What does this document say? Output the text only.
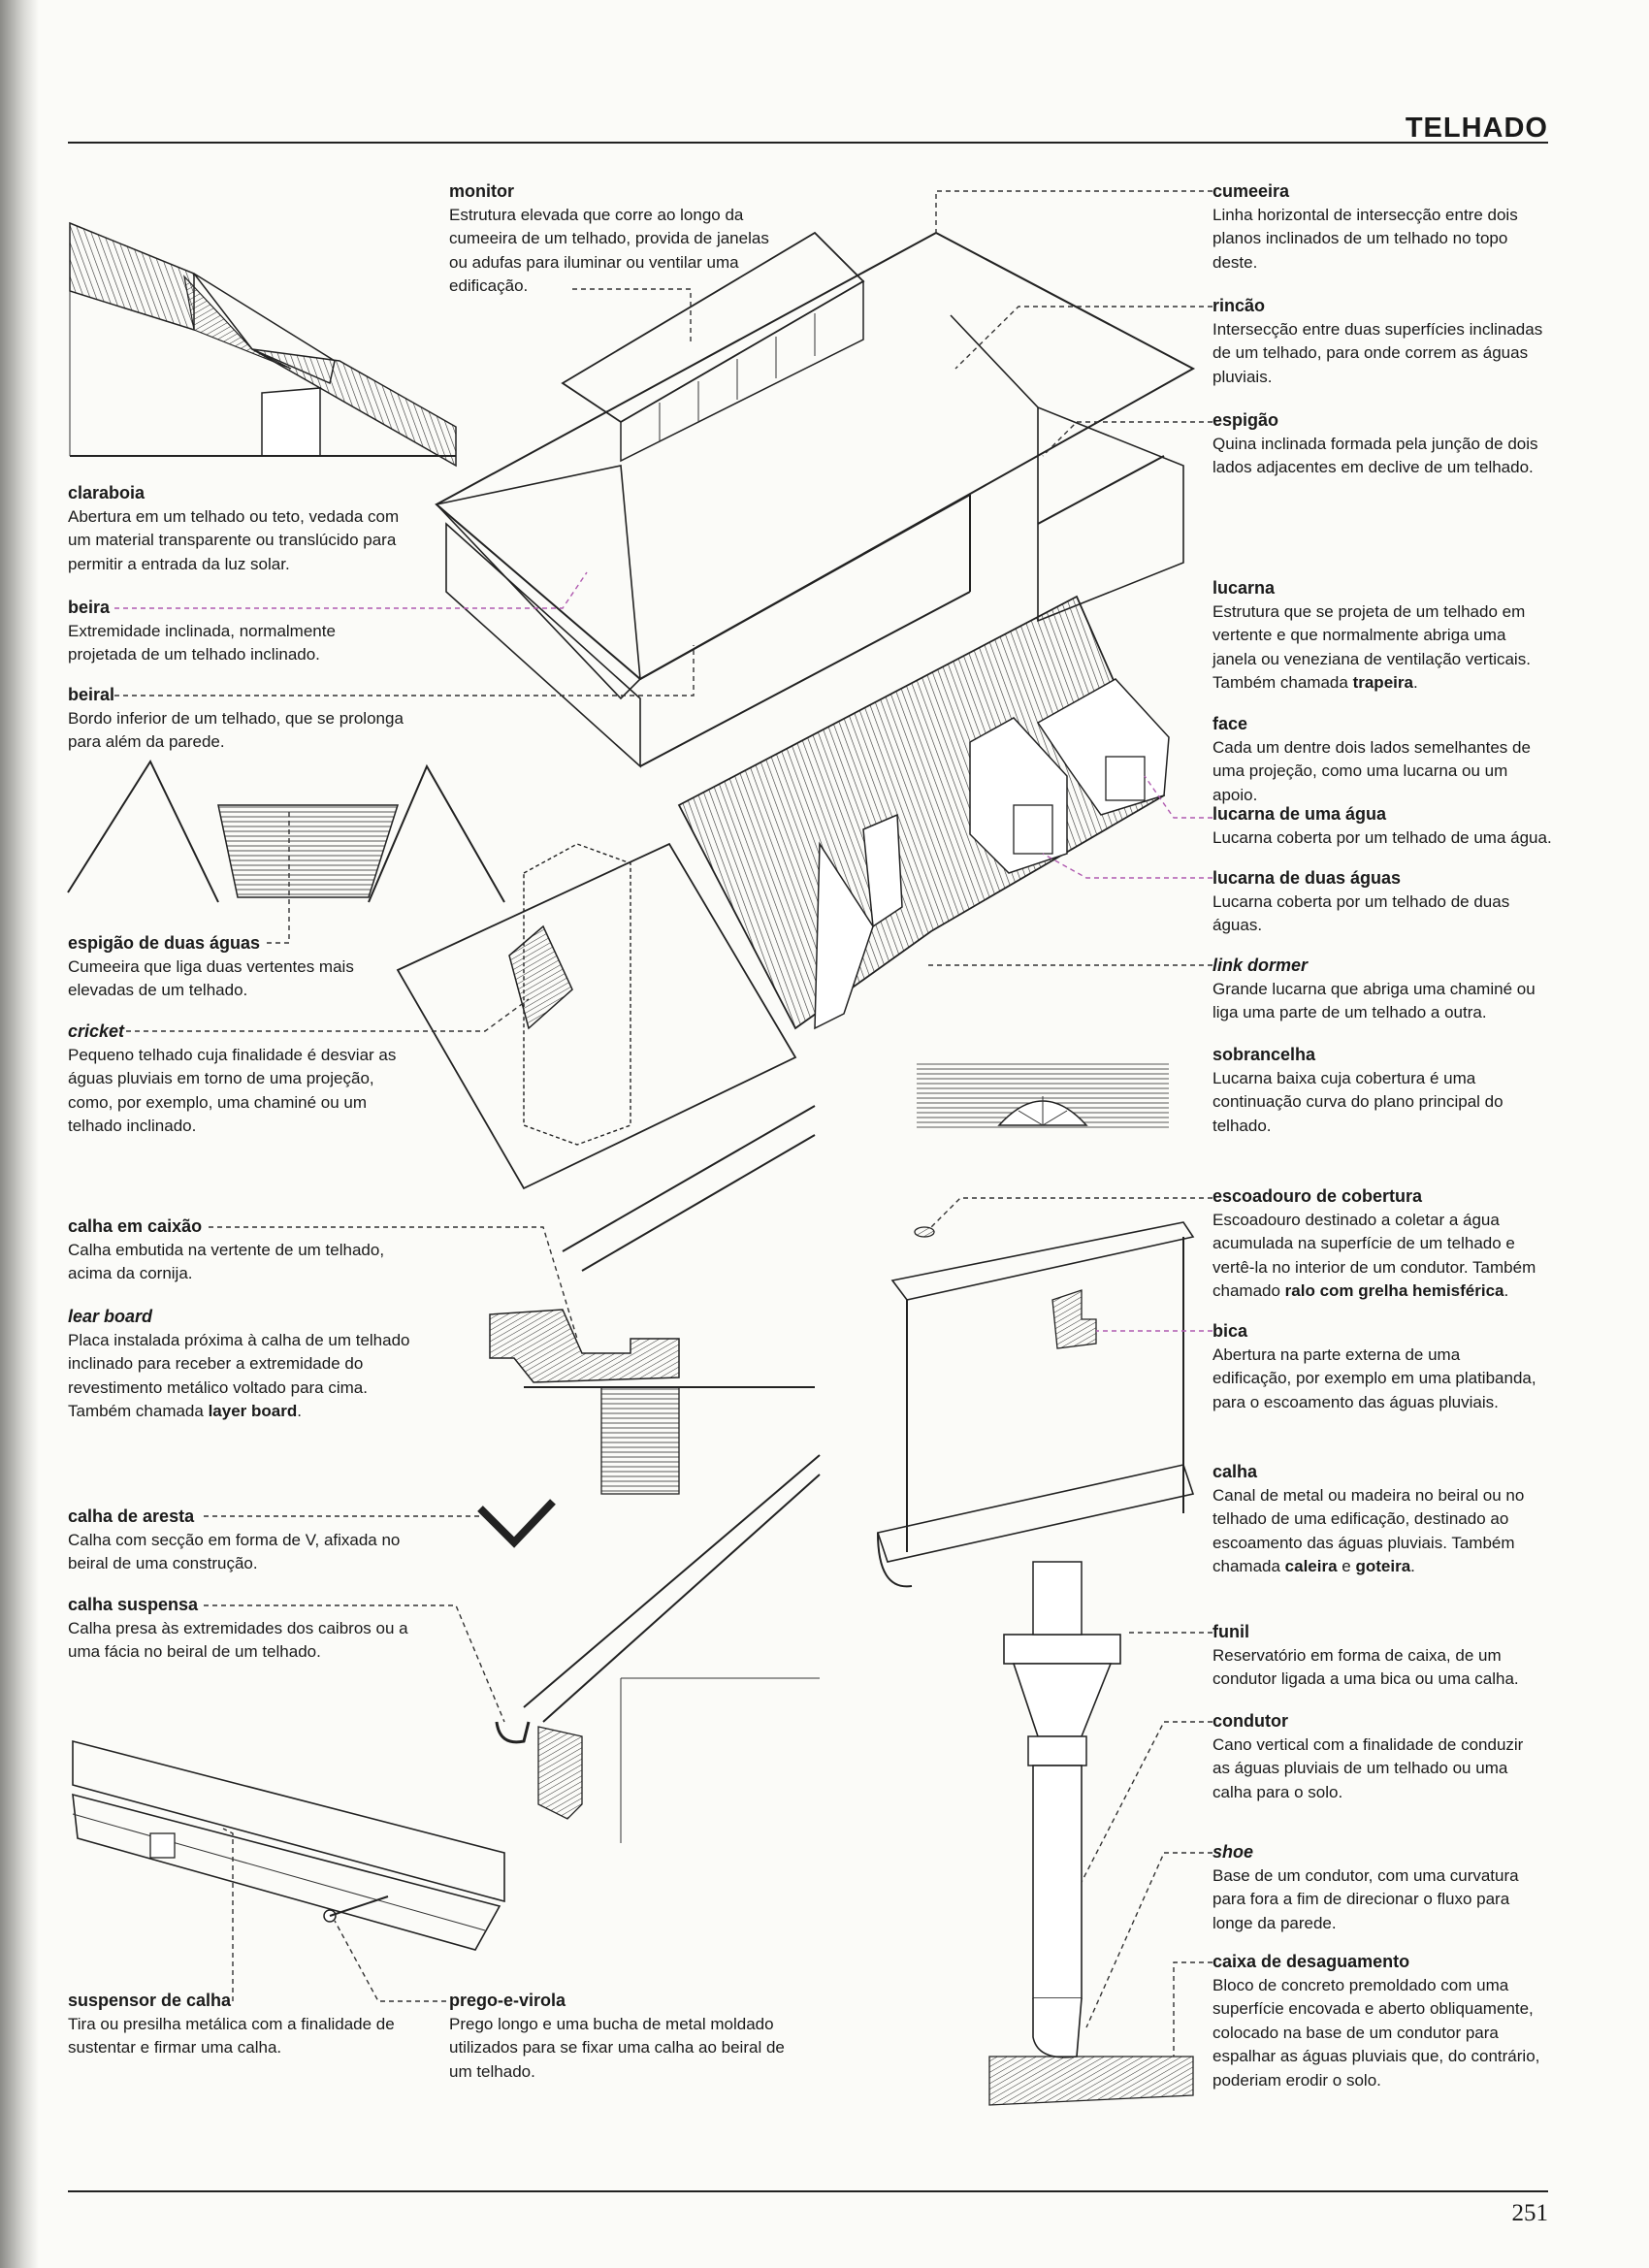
TELHADO
251
monitor
Estrutura elevada que corre ao longo da cumeeira de um telhado, provida de janelas ou adufas para iluminar ou ventilar uma edificação.
cumeeira
Linha horizontal de intersecção entre dois planos inclinados de um telhado no topo deste.
rincão
Intersecção entre duas superfícies inclinadas de um telhado, para onde correm as águas pluviais.
espigão
Quina inclinada formada pela junção de dois lados adjacentes em declive de um telhado.
claraboia
Abertura em um telhado ou teto, vedada com um material transparente ou translúcido para permitir a entrada da luz solar.
beira
Extremidade inclinada, normalmente projetada de um telhado inclinado.
beiral
Bordo inferior de um telhado, que se prolonga para além da parede.
lucarna
Estrutura que se projeta de um telhado em vertente e que normalmente abriga uma janela ou veneziana de ventilação verticais. Também chamada trapeira.
face
Cada um dentre dois lados semelhantes de uma projeção, como uma lucarna ou um apoio.
lucarna de uma água
Lucarna coberta por um telhado de uma água.
lucarna de duas águas
Lucarna coberta por um telhado de duas águas.
link dormer
Grande lucarna que abriga uma chaminé ou liga uma parte de um telhado a outra.
sobrancelha
Lucarna baixa cuja cobertura é uma continuação curva do plano principal do telhado.
espigão de duas águas
Cumeeira que liga duas vertentes mais elevadas de um telhado.
cricket
Pequeno telhado cuja finalidade é desviar as águas pluviais em torno de uma projeção, como, por exemplo, uma chaminé ou um telhado inclinado.
escoadouro de cobertura
Escoadouro destinado a coletar a água acumulada na superfície de um telhado e vertê-la no interior de um condutor. Também chamado ralo com grelha hemisférica.
bica
Abertura na parte externa de uma edificação, por exemplo em uma platibanda, para o escoamento das águas pluviais.
calha em caixão
Calha embutida na vertente de um telhado, acima da cornija.
lear board
Placa instalada próxima à calha de um telhado inclinado para receber a extremidade do revestimento metálico voltado para cima. Também chamada layer board.
calha de aresta
Calha com secção em forma de V, afixada no beiral de uma construção.
calha
Canal de metal ou madeira no beiral ou no telhado de uma edificação, destinado ao escoamento das águas pluviais. Também chamada caleira e goteira.
calha suspensa
Calha presa às extremidades dos caibros ou a uma fácia no beiral de um telhado.
funil
Reservatório em forma de caixa, de um condutor ligada a uma bica ou uma calha.
condutor
Cano vertical com a finalidade de conduzir as águas pluviais de um telhado ou uma calha para o solo.
shoe
Base de um condutor, com uma curvatura para fora a fim de direcionar o fluxo para longe da parede.
suspensor de calha
Tira ou presilha metálica com a finalidade de sustentar e firmar uma calha.
prego-e-virola
Prego longo e uma bucha de metal moldado utilizados para se fixar uma calha ao beiral de um telhado.
caixa de desaguamento
Bloco de concreto premoldado com uma superfície encovada e aberto obliquamente, colocado na base de um condutor para espalhar as águas pluviais que, do contrário, poderiam erodir o solo.
